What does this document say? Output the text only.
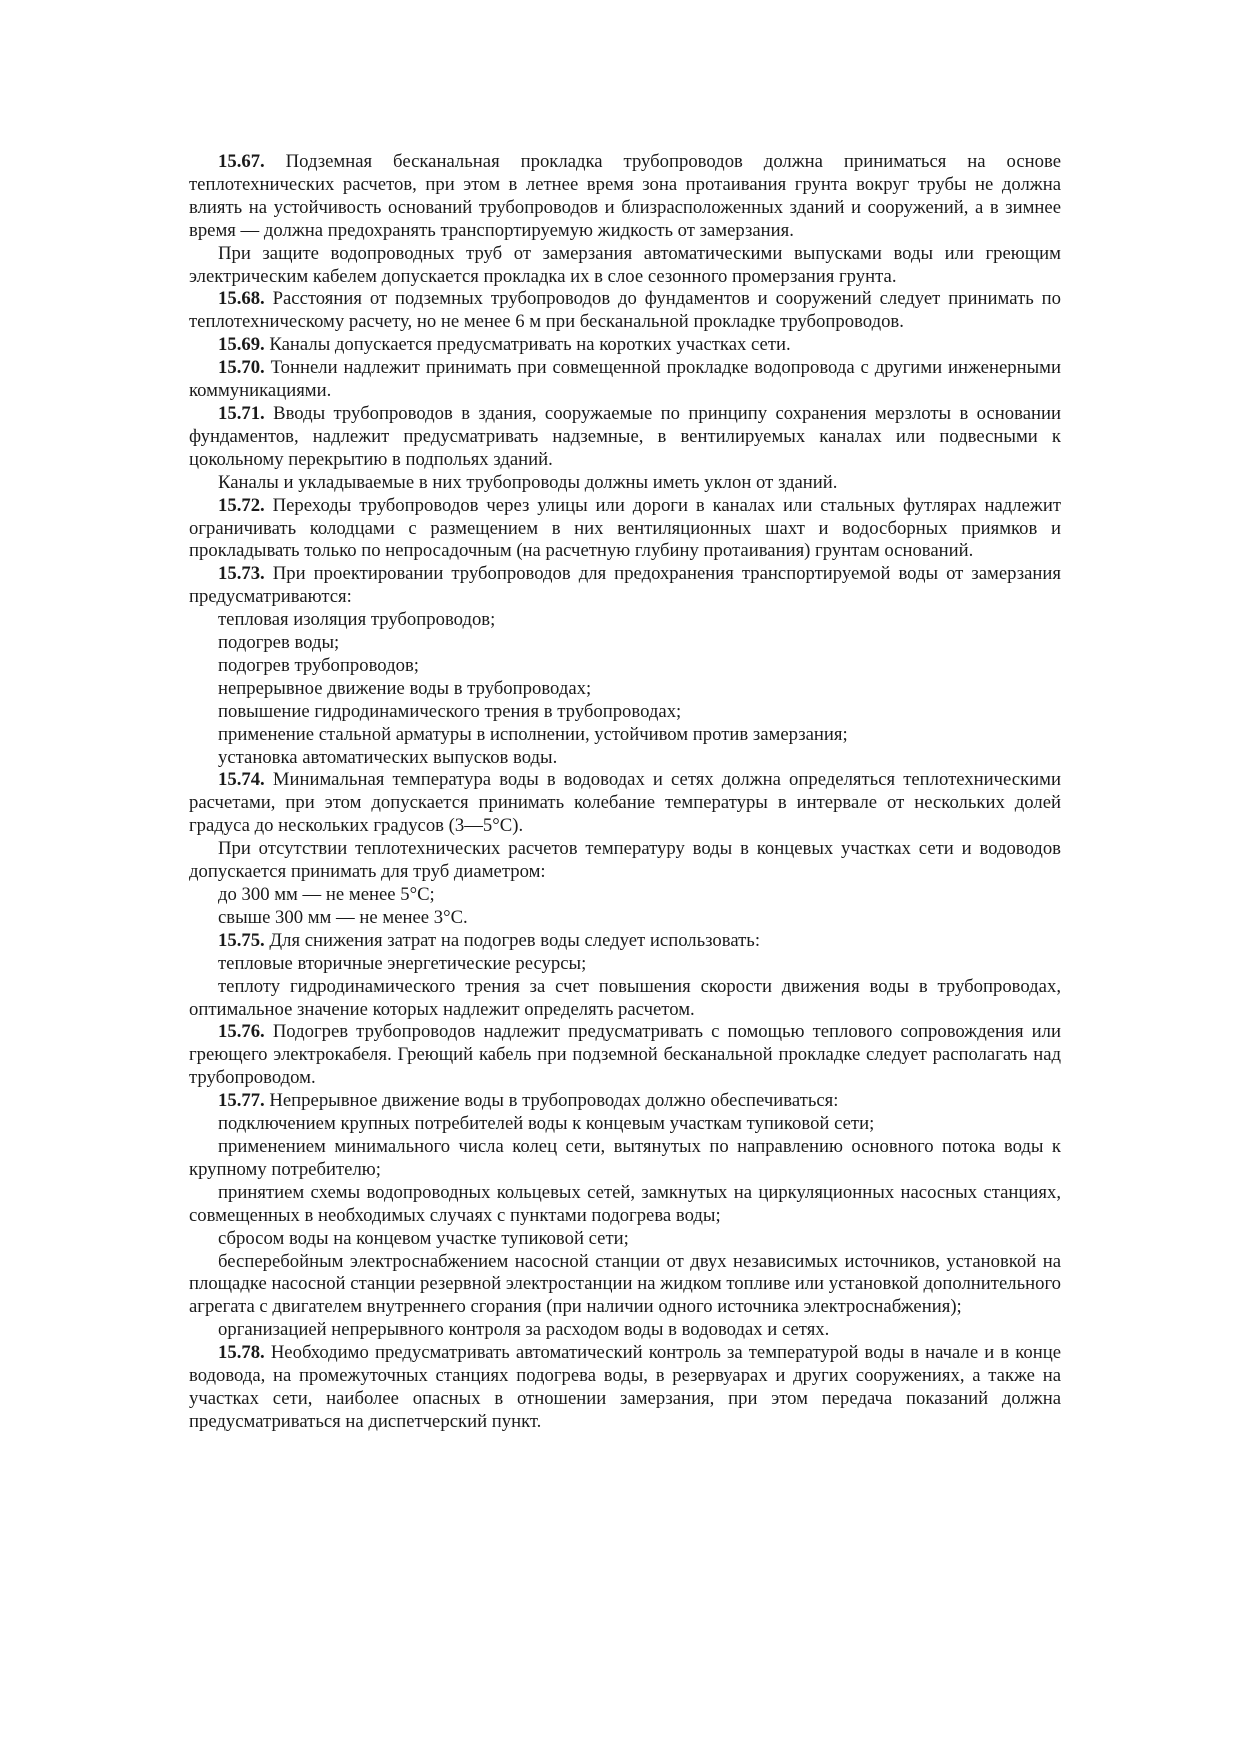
15.67. Подземная бесканальная прокладка трубопроводов должна приниматься на основе теплотехнических расчетов, при этом в летнее время зона протаивания грунта вокруг трубы не должна влиять на устойчивость оснований трубопроводов и близрасположенных зданий и сооружений, а в зимнее время — должна предохранять транспортируемую жидкость от замерзания.

При защите водопроводных труб от замерзания автоматическими выпусками воды или греющим электрическим кабелем допускается прокладка их в слое сезонного промерзания грунта.

15.68. Расстояния от подземных трубопроводов до фундаментов и сооружений следует принимать по теплотехническому расчету, но не менее 6 м при бесканальной прокладке трубопроводов.

15.69. Каналы допускается предусматривать на коротких участках сети.

15.70. Тоннели надлежит принимать при совмещенной прокладке водопровода с другими инженерными коммуникациями.

15.71. Вводы трубопроводов в здания, сооружаемые по принципу сохранения мерзлоты в основании фундаментов, надлежит предусматривать надземные, в вентилируемых каналах или подвесными к цокольному перекрытию в подпольях зданий.

Каналы и укладываемые в них трубопроводы должны иметь уклон от зданий.

15.72. Переходы трубопроводов через улицы или дороги в каналах или стальных футлярах надлежит ограничивать колодцами с размещением в них вентиляционных шахт и водосборных приямков и прокладывать только по непросадочным (на расчетную глубину протаивания) грунтам оснований.

15.73. При проектировании трубопроводов для предохранения транспортируемой воды от замерзания предусматриваются:

тепловая изоляция трубопроводов;

подогрев воды;

подогрев трубопроводов;

непрерывное движение воды в трубопроводах;

повышение гидродинамического трения в трубопроводах;

применение стальной арматуры в исполнении, устойчивом против замерзания;

установка автоматических выпусков воды.

15.74. Минимальная температура воды в водоводах и сетях должна определяться теплотехническими расчетами, при этом допускается принимать колебание температуры в интервале от нескольких долей градуса до нескольких градусов (3—5°С).

При отсутствии теплотехнических расчетов температуру воды в концевых участках сети и водоводов допускается принимать для труб диаметром:

до 300 мм — не менее 5°С;

свыше 300 мм — не менее 3°С.

15.75. Для снижения затрат на подогрев воды следует использовать:

тепловые вторичные энергетические ресурсы;

теплоту гидродинамического трения за счет повышения скорости движения воды в трубопроводах, оптимальное значение которых надлежит определять расчетом.

15.76. Подогрев трубопроводов надлежит предусматривать с помощью теплового сопровождения или греющего электрокабеля. Греющий кабель при подземной бесканальной прокладке следует располагать над трубопроводом.

15.77. Непрерывное движение воды в трубопроводах должно обеспечиваться:

подключением крупных потребителей воды к концевым участкам тупиковой сети;

применением минимального числа колец сети, вытянутых по направлению основного потока воды к крупному потребителю;

принятием схемы водопроводных кольцевых сетей, замкнутых на циркуляционных насосных станциях, совмещенных в необходимых случаях с пунктами подогрева воды;

сбросом воды на концевом участке тупиковой сети;

бесперебойным электроснабжением насосной станции от двух независимых источников, установкой на площадке насосной станции резервной электростанции на жидком топливе или установкой дополнительного агрегата с двигателем внутреннего сгорания (при наличии одного источника электроснабжения);

организацией непрерывного контроля за расходом воды в водоводах и сетях.

15.78. Необходимо предусматривать автоматический контроль за температурой воды в начале и в конце водовода, на промежуточных станциях подогрева воды, в резервуарах и других сооружениях, а также на участках сети, наиболее опасных в отношении замерзания, при этом передача показаний должна предусматриваться на диспетчерский пункт.
